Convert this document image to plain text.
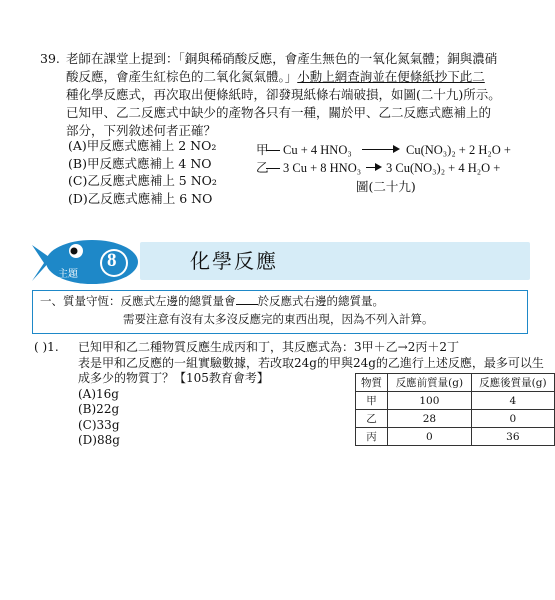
39. 老師在課堂上提到：「銅與稀硝酸反應，會產生無色的一氧化氮氣體；銅與濃硝
酸反應，會產生紅棕色的二氧化氮氣體。」小勳上網查詢並在便條紙抄下此二
種化學反應式，再次取出便條紙時，卻發現紙條右端破損，如圖(二十九)所示。
已知甲、乙二反應式中缺少的產物各只有一種，關於甲、乙二反應式應補上的
部分，下列敘述何者正確？
(A)甲反應式應補上 2 NO₂
(B)甲反應式應補上 4 NO
(C)乙反應式應補上 5 NO₂
(D)乙反應式應補上 6 NO
甲 Cu + 4 HNO₃	Cu(NO₃)₂ + 2 H₂O +
乙 3 Cu + 8 HNO₃ 3 Cu(NO₃)₂ + 4 H₂O +
圖(二十九)
主題
8	化學反應
一、質量守恆：反應式左邊的總質量會 於反應式右邊的總質量。
需要注意有沒有太多沒反應完的東西出現，因為不列入計算。
( )1. 已知甲和乙二種物質反應生成丙和丁，其反應式為：3甲＋乙→2丙＋2丁
表是甲和乙反應的一組實驗數據，若改取24g的甲與24g的乙進行上述反應，最多可以生
成多少的物質丁？【105教育會考】
(A)16g
(B)22g
(C)33g
(D)88g
物質	反應前質量(g)	反應後質量(g)
甲	100	4
乙	28	0
丙	0	36
